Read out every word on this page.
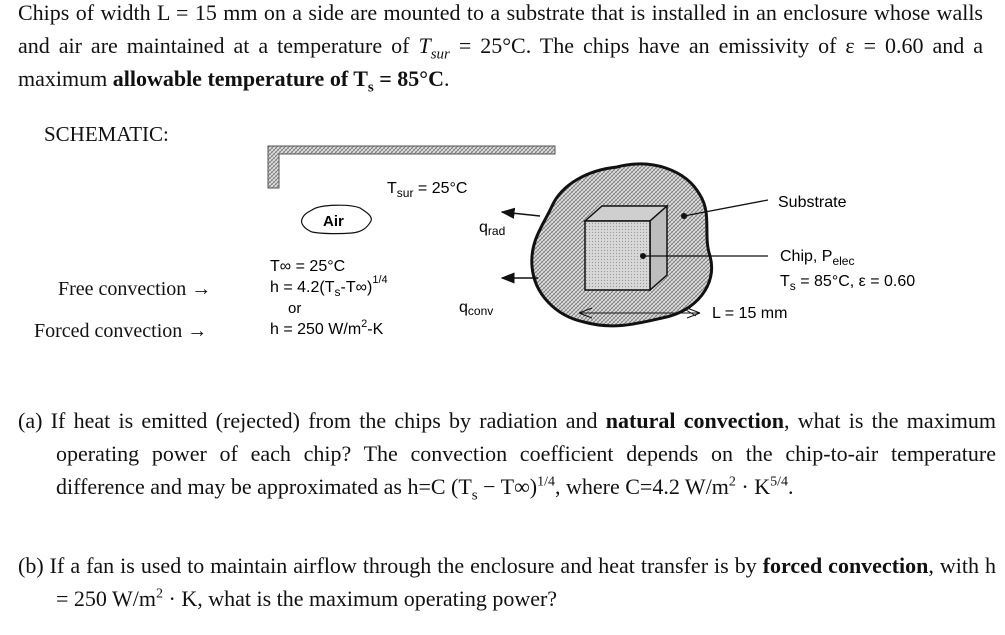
Chips of width L = 15 mm on a side are mounted to a substrate that is installed in an enclosure whose walls and air are maintained at a temperature of $T_{sur} = 25^\circ C$. The chips have an emissivity of ε = 0.60 and a maximum allowable temperature of $T_s = 85^\circ C$.
SCHEMATIC:
Free convection →
Forced convection →
$T_{sur} = 25^\circ C$
Air
T∞ = 25°C
$h = 4.2(T_s-T\infty)^{1/4}$
or
h = 250 $W/m^2-K$
qrad
qconv
Substrate
Chip, $P_{elec}$
$T_s = 85^\circ C$, ε = 0.60
L = 15 mm
(a) If heat is emitted (rejected) from the chips by radiation and natural convection, what is the maximum operating power of each chip? The convection coefficient depends on the chip-to-air temperature difference and may be approximated as h=C $(T_s - T\infty)^{1/4}$, where C=4.2 $W/m^2 \cdot K^{5/4}$.
(b) If a fan is used to maintain airflow through the enclosure and heat transfer is by forced convection, with h = 250 $W/m^2 \cdot K$, what is the maximum operating power?
